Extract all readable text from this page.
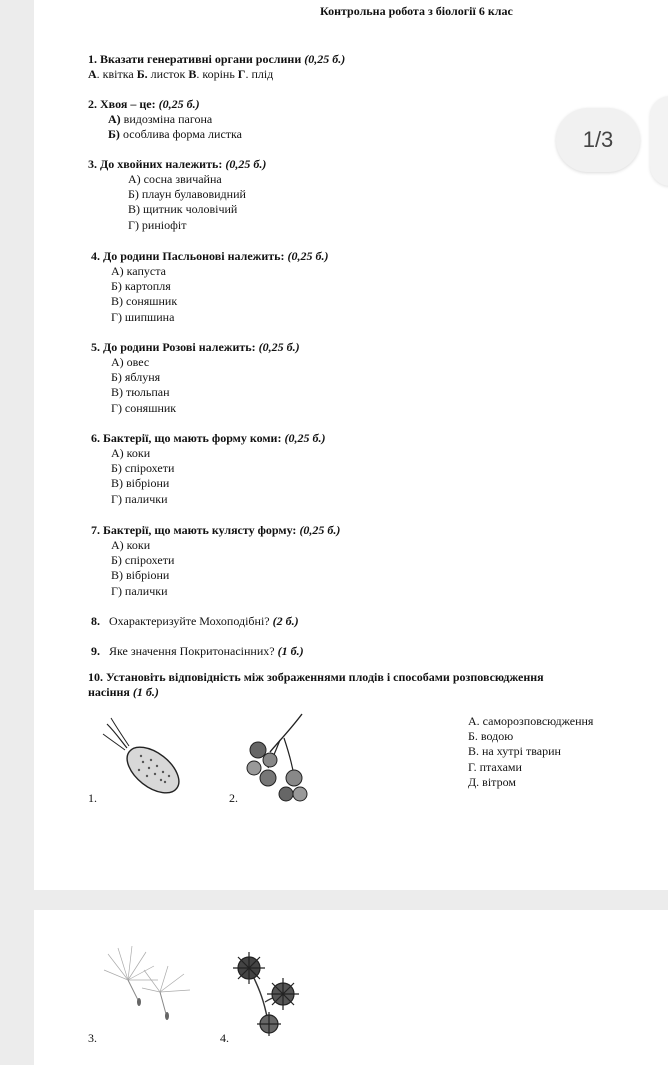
1/3
Контрольна робота з біології 6 клас
1. Вказати генеративні органи рослини (0,25 б.)
А. квітка Б. листок В. корінь Г. плід
2. Хвоя – це: (0,25 б.)
А) видозміна пагона
Б) особлива форма листка
3. До хвойних належить: (0,25 б.)
А) сосна звичайна
Б) плаун булавовидний
В) щитник чоловічий
Г) риніофіт
4. До родини Пасльонові належить: (0,25 б.)
А) капуста
Б) картопля
В) соняшник
Г) шипшина
5. До родини Розові належить: (0,25 б.)
А) овес
Б) яблуня
В) тюльпан
Г) соняшник
6. Бактерії, що мають форму коми: (0,25 б.)
А) коки
Б) спірохети
В) вібріони
Г) палички
7. Бактерії, що мають кулясту форму: (0,25 б.)
А) коки
Б) спірохети
В) вібріони
Г) палички
8. Охарактеризуйте Мохоподібні? (2 б.)
9. Яке значення Покритонасінних? (1 б.)
10. Установіть відповідність між зображеннями плодів і способами розповсюдження
насіння (1 б.)
А. саморозповсюдження
Б. водою
В. на хутрі тварин
Г. птахами
Д. вітром
1.	2.
3.	4.
